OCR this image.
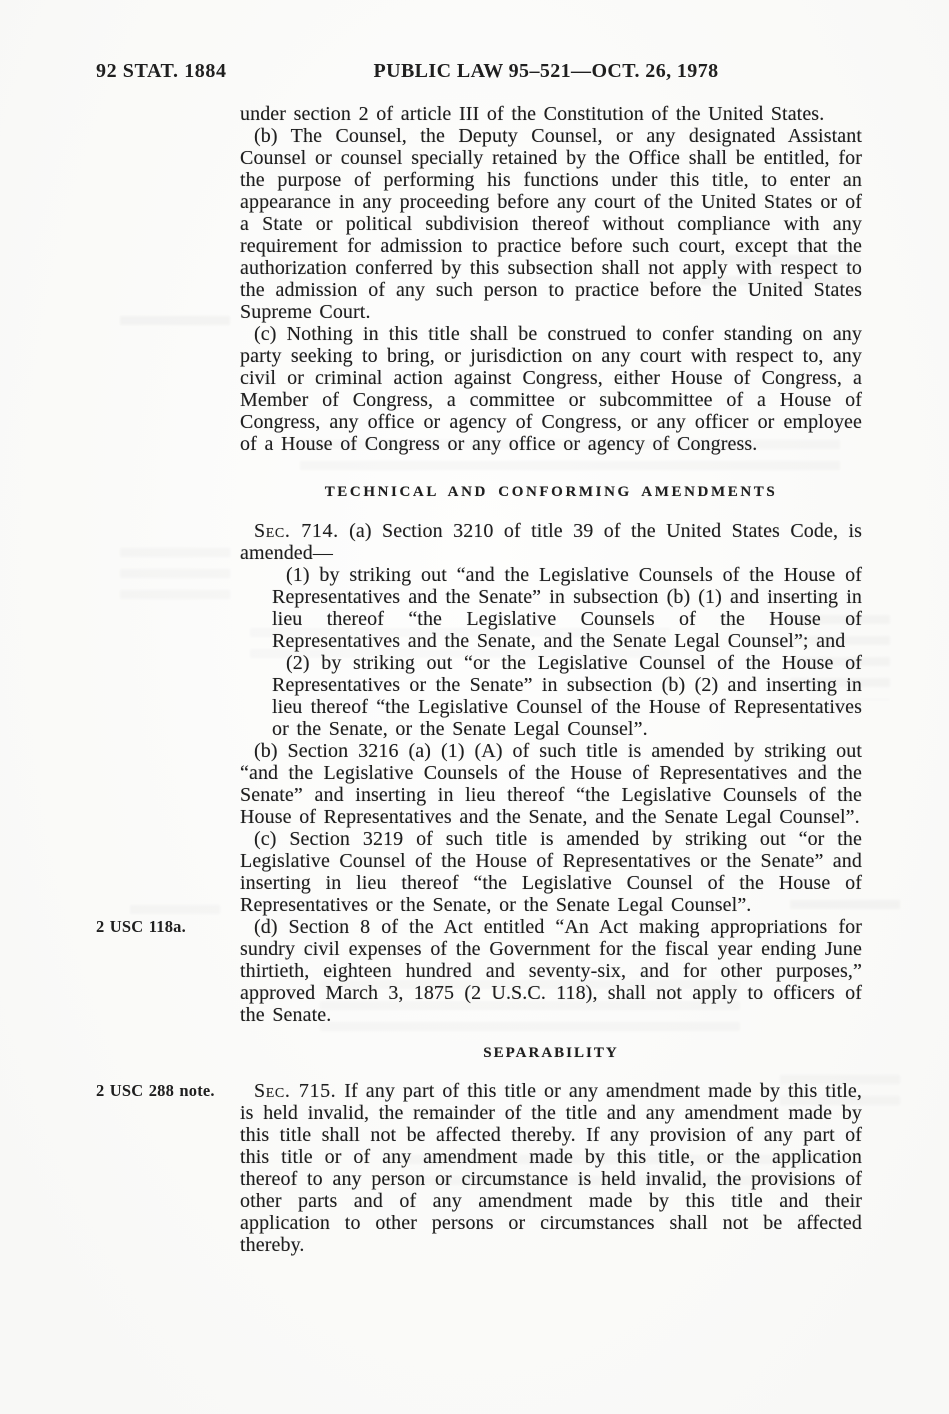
92 STAT. 1884	PUBLIC LAW 95–521—OCT. 26, 1978

under section 2 of article III of the Constitution of the United States.

(b) The Counsel, the Deputy Counsel, or any designated Assistant Counsel or counsel specially retained by the Office shall be entitled, for the purpose of performing his functions under this title, to enter an appearance in any proceeding before any court of the United States or of a State or political subdivision thereof without compliance with any requirement for admission to practice before such court, except that the authorization conferred by this subsection shall not apply with respect to the admission of any such person to practice before the United States Supreme Court.

(c) Nothing in this title shall be construed to confer standing on any party seeking to bring, or jurisdiction on any court with respect to, any civil or criminal action against Congress, either House of Congress, a Member of Congress, a committee or subcommittee of a House of Congress, any office or agency of Congress, or any officer or employee of a House of Congress or any office or agency of Congress.

TECHNICAL AND CONFORMING AMENDMENTS

Sec. 714. (a) Section 3210 of title 39 of the United States Code, is amended—

(1) by striking out “and the Legislative Counsels of the House of Representatives and the Senate” in subsection (b) (1) and inserting in lieu thereof “the Legislative Counsels of the House of Representatives and the Senate, and the Senate Legal Counsel”; and

(2) by striking out “or the Legislative Counsel of the House of Representatives or the Senate” in subsection (b) (2) and inserting in lieu thereof “the Legislative Counsel of the House of Representatives or the Senate, or the Senate Legal Counsel”.

(b) Section 3216 (a) (1) (A) of such title is amended by striking out “and the Legislative Counsels of the House of Representatives and the Senate” and inserting in lieu thereof “the Legislative Counsels of the House of Representatives and the Senate, and the Senate Legal Counsel”.

(c) Section 3219 of such title is amended by striking out “or the Legislative Counsel of the House of Representatives or the Senate” and inserting in lieu thereof “the Legislative Counsel of the House of Representatives or the Senate, or the Senate Legal Counsel”.

2 USC 118a.	(d) Section 8 of the Act entitled “An Act making appropriations for sundry civil expenses of the Government for the fiscal year ending June thirtieth, eighteen hundred and seventy-six, and for other purposes,” approved March 3, 1875 (2 U.S.C. 118), shall not apply to officers of the Senate.

SEPARABILITY

2 USC 288 note.	Sec. 715. If any part of this title or any amendment made by this title, is held invalid, the remainder of the title and any amendment made by this title shall not be affected thereby. If any provision of any part of this title or of any amendment made by this title, or the application thereof to any person or circumstance is held invalid, the provisions of other parts and of any amendment made by this title and their application to other persons or circumstances shall not be affected thereby.
